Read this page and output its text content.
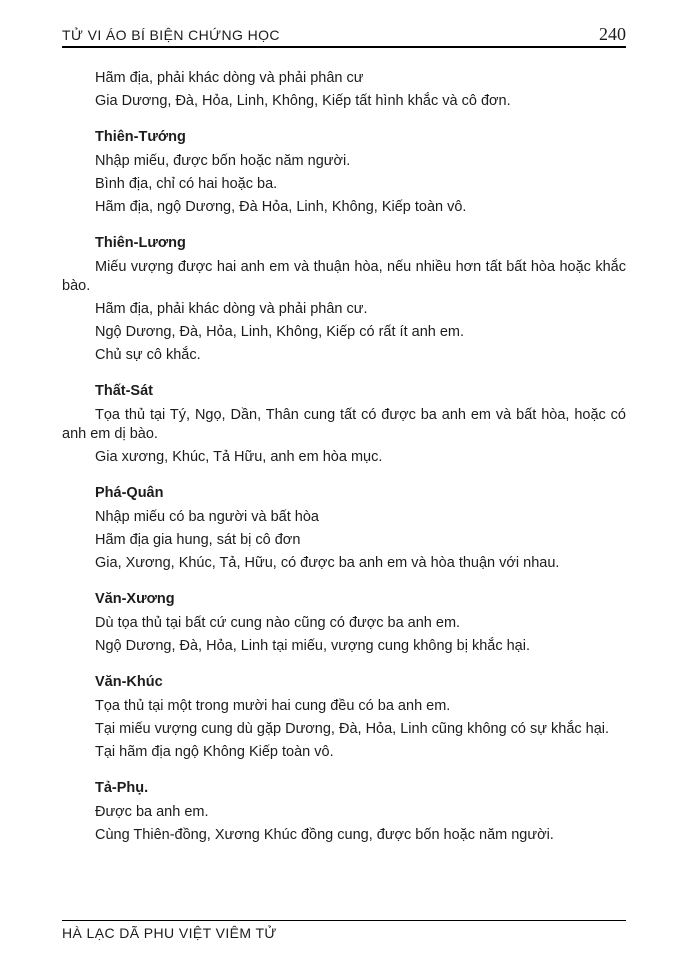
TỬ VI ÁO BÍ BIỆN CHỨNG HỌC	240

Hãm địa, phải khác dòng và phải phân cư

Gia Dương, Đà, Hỏa, Linh, Không, Kiếp tất hình khắc và cô đơn.

Thiên-Tướng

Nhập miếu, được bốn hoặc năm người.

Bình địa, chỉ có hai hoặc ba.

Hãm địa, ngộ Dương, Đà Hỏa, Linh, Không, Kiếp toàn vô.

Thiên-Lương

Miếu vượng được hai anh em và thuận hòa, nếu nhiều hơn tất bất hòa hoặc khắc bào.

Hãm địa, phải khác dòng và phải phân cư.

Ngộ Dương, Đà, Hỏa, Linh, Không, Kiếp có rất ít anh em.

Chủ sự cô khắc.

Thất-Sát

Tọa thủ tại Tý, Ngọ, Dần, Thân cung tất có được ba anh em và bất hòa, hoặc có anh em dị bào.

Gia xương, Khúc, Tả Hữu, anh em hòa mục.

Phá-Quân

Nhập miếu có ba người và bất hòa

Hãm địa gia hung, sát bị cô đơn

Gia, Xương, Khúc, Tả, Hữu, có được ba anh em và hòa thuận với nhau.

Văn-Xương

Dù tọa thủ tại bất cứ cung nào cũng có được ba anh em.

Ngộ Dương, Đà, Hỏa, Linh tại miếu, vượng cung không bị khắc hại.

Văn-Khúc

Tọa thủ tại một trong mười hai cung đều có ba anh em.

Tại miếu vượng cung dù gặp Dương, Đà, Hỏa, Linh cũng không có sự khắc hại.

Tại hãm địa ngộ Không Kiếp toàn vô.

Tả-Phụ.

Được ba anh em.

Cùng Thiên-đồng, Xương Khúc đồng cung, được bốn hoặc năm người.

HÀ LẠC DÃ PHU VIỆT VIÊM TỬ
